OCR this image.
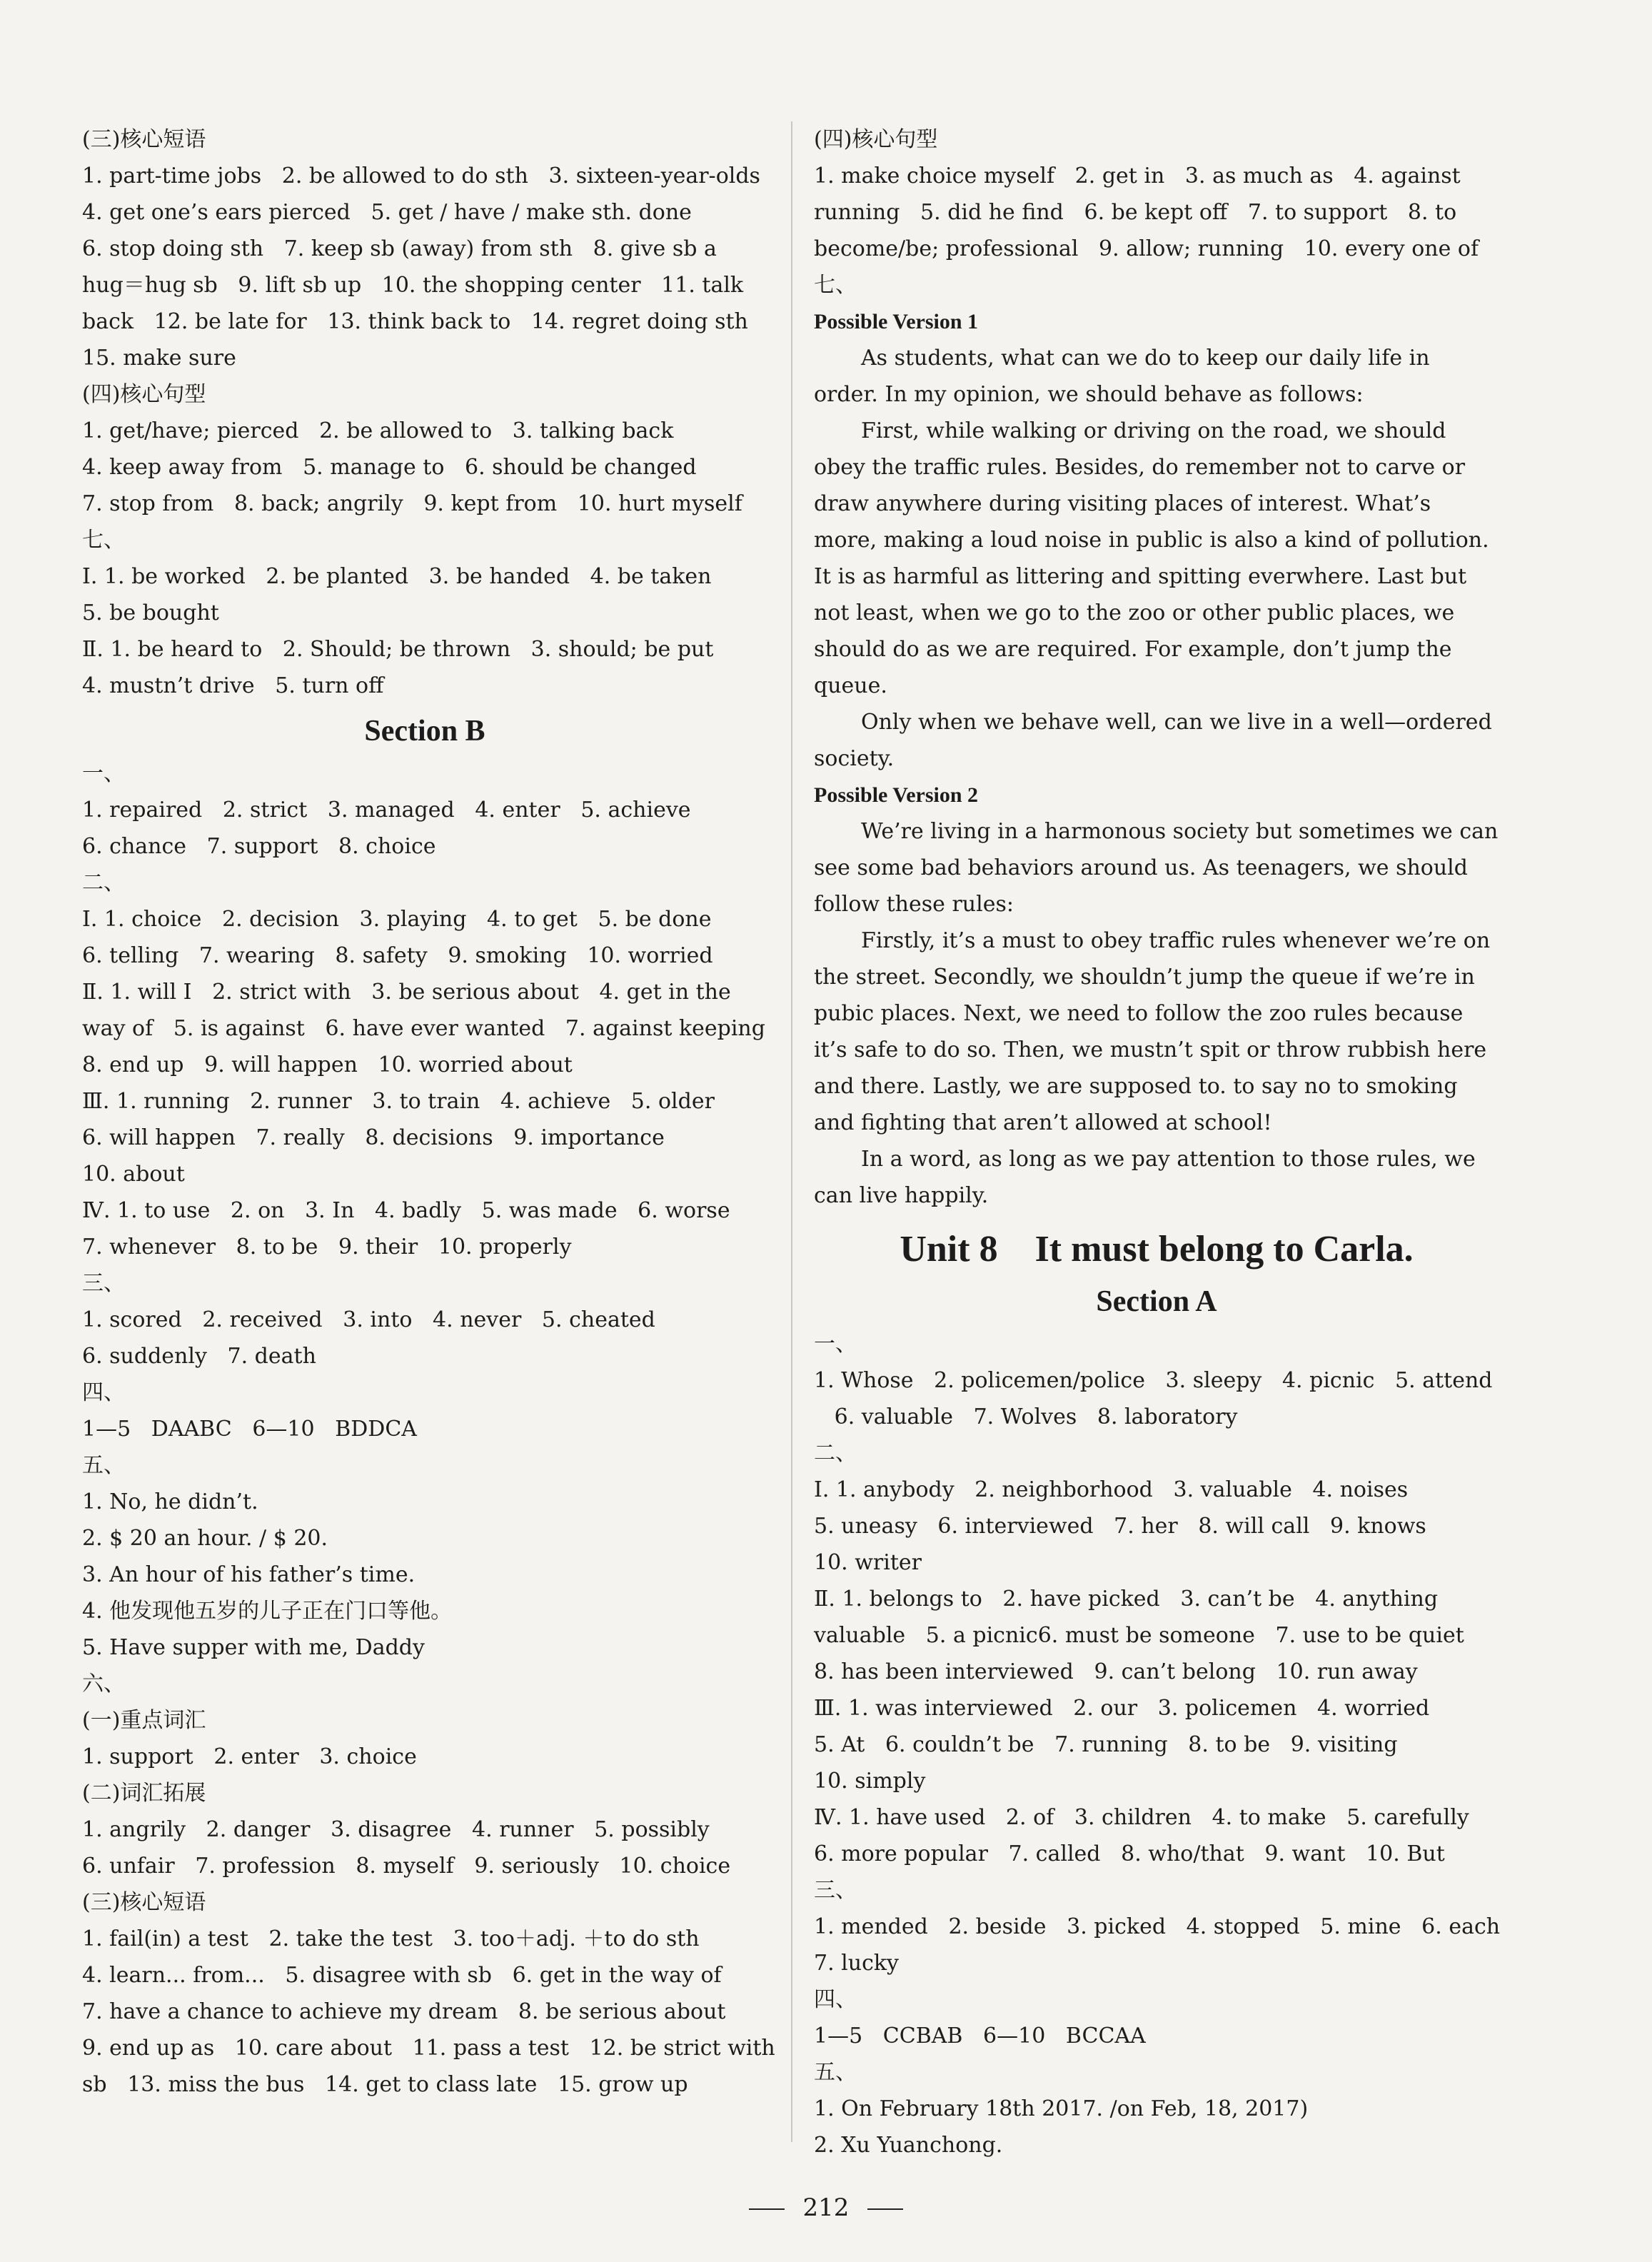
(三)核心短语
1. part-time jobs   2. be allowed to do sth   3. sixteen-year-olds
4. get one’s ears pierced   5. get / have / make sth. done
6. stop doing sth   7. keep sb (away) from sth   8. give sb a
hug＝hug sb   9. lift sb up   10. the shopping center   11. talk
back   12. be late for   13. think back to   14. regret doing sth
15. make sure
(四)核心句型
1. get/have; pierced   2. be allowed to   3. talking back
4. keep away from   5. manage to   6. should be changed
7. stop from   8. back; angrily   9. kept from   10. hurt myself
七、
Ⅰ. 1. be worked   2. be planted   3. be handed   4. be taken
5. be bought
Ⅱ. 1. be heard to   2. Should; be thrown   3. should; be put
4. mustn’t drive   5. turn off
Section B
一、
1. repaired   2. strict   3. managed   4. enter   5. achieve
6. chance   7. support   8. choice
二、
Ⅰ. 1. choice   2. decision   3. playing   4. to get   5. be done
6. telling   7. wearing   8. safety   9. smoking   10. worried
Ⅱ. 1. will I   2. strict with   3. be serious about   4. get in the
way of   5. is against   6. have ever wanted   7. against keeping
8. end up   9. will happen   10. worried about
Ⅲ. 1. running   2. runner   3. to train   4. achieve   5. older
6. will happen   7. really   8. decisions   9. importance
10. about
Ⅳ. 1. to use   2. on   3. In   4. badly   5. was made   6. worse
7. whenever   8. to be   9. their   10. properly
三、
1. scored   2. received   3. into   4. never   5. cheated
6. suddenly   7. death
四、
1—5   DAABC   6—10   BDDCA
五、
1. No, he didn’t.
2. $ 20 an hour. / $ 20.
3. An hour of his father’s time.
4. 他发现他五岁的儿子正在门口等他。
5. Have supper with me, Daddy
六、
(一)重点词汇
1. support   2. enter   3. choice
(二)词汇拓展
1. angrily   2. danger   3. disagree   4. runner   5. possibly
6. unfair   7. profession   8. myself   9. seriously   10. choice
(三)核心短语
1. fail(in) a test   2. take the test   3. too＋adj. ＋to do sth
4. learn... from...   5. disagree with sb   6. get in the way of
7. have a chance to achieve my dream   8. be serious about
9. end up as   10. care about   11. pass a test   12. be strict with
sb   13. miss the bus   14. get to class late   15. grow up
(四)核心句型
1. make choice myself   2. get in   3. as much as   4. against
running   5. did he find   6. be kept off   7. to support   8. to
become/be; professional   9. allow; running   10. every one of
七、
Possible Version 1
As students, what can we do to keep our daily life in order. In my opinion, we should behave as follows:
First, while walking or driving on the road, we should obey the traffic rules. Besides, do remember not to carve or draw anywhere during visiting places of interest. What’s more, making a loud noise in public is also a kind of pollution. It is as harmful as littering and spitting everwhere. Last but not least, when we go to the zoo or other public places, we should do as we are required. For example, don’t jump the queue.
Only when we behave well, can we live in a well—ordered society.
Possible Version 2
We’re living in a harmonous society but sometimes we can see some bad behaviors around us. As teenagers, we should follow these rules:
Firstly, it’s a must to obey traffic rules whenever we’re on the street. Secondly, we shouldn’t jump the queue if we’re in pubic places. Next, we need to follow the zoo rules because it’s safe to do so. Then, we mustn’t spit or throw rubbish here and there. Lastly, we are supposed to. to say no to smoking and fighting that aren’t allowed at school!
In a word, as long as we pay attention to those rules, we can live happily.
Unit 8    It must belong to Carla.
Section A
一、
1. Whose   2. policemen/police   3. sleepy   4. picnic   5. attend
6. valuable   7. Wolves   8. laboratory
二、
Ⅰ. 1. anybody   2. neighborhood   3. valuable   4. noises
5. uneasy   6. interviewed   7. her   8. will call   9. knows
10. writer
Ⅱ. 1. belongs to   2. have picked   3. can’t be   4. anything
valuable   5. a picnic6. must be someone   7. use to be quiet
8. has been interviewed   9. can’t belong   10. run away
Ⅲ. 1. was interviewed   2. our   3. policemen   4. worried
5. At   6. couldn’t be   7. running   8. to be   9. visiting
10. simply
Ⅳ. 1. have used   2. of   3. children   4. to make   5. carefully
6. more popular   7. called   8. who/that   9. want   10. But
三、
1. mended   2. beside   3. picked   4. stopped   5. mine   6. each
7. lucky
四、
1—5   CCBAB   6—10   BCCAA
五、
1. On February 18th 2017. /on Feb, 18, 2017)
2. Xu Yuanchong.
212
